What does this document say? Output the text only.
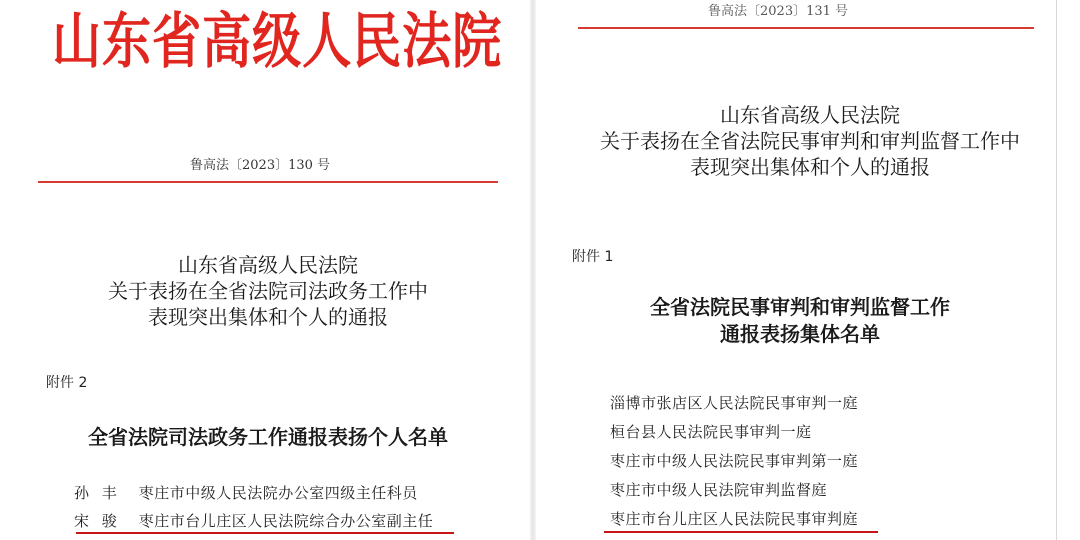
山东省高级人民法院
鲁高法〔2023〕130 号
山东省高级人民法院
关于表扬在全省法院司法政务工作中
表现突出集体和个人的通报
附件 2
全省法院司法政务工作通报表扬个人名单
孙 丰 枣庄市中级人民法院办公室四级主任科员
宋 骏 枣庄市台儿庄区人民法院综合办公室副主任
鲁高法〔2023〕131 号
山东省高级人民法院
关于表扬在全省法院民事审判和审判监督工作中
表现突出集体和个人的通报
附件 1
全省法院民事审判和审判监督工作
通报表扬集体名单
淄博市张店区人民法院民事审判一庭
桓台县人民法院民事审判一庭
枣庄市中级人民法院民事审判第一庭
枣庄市中级人民法院审判监督庭
枣庄市台儿庄区人民法院民事审判庭
